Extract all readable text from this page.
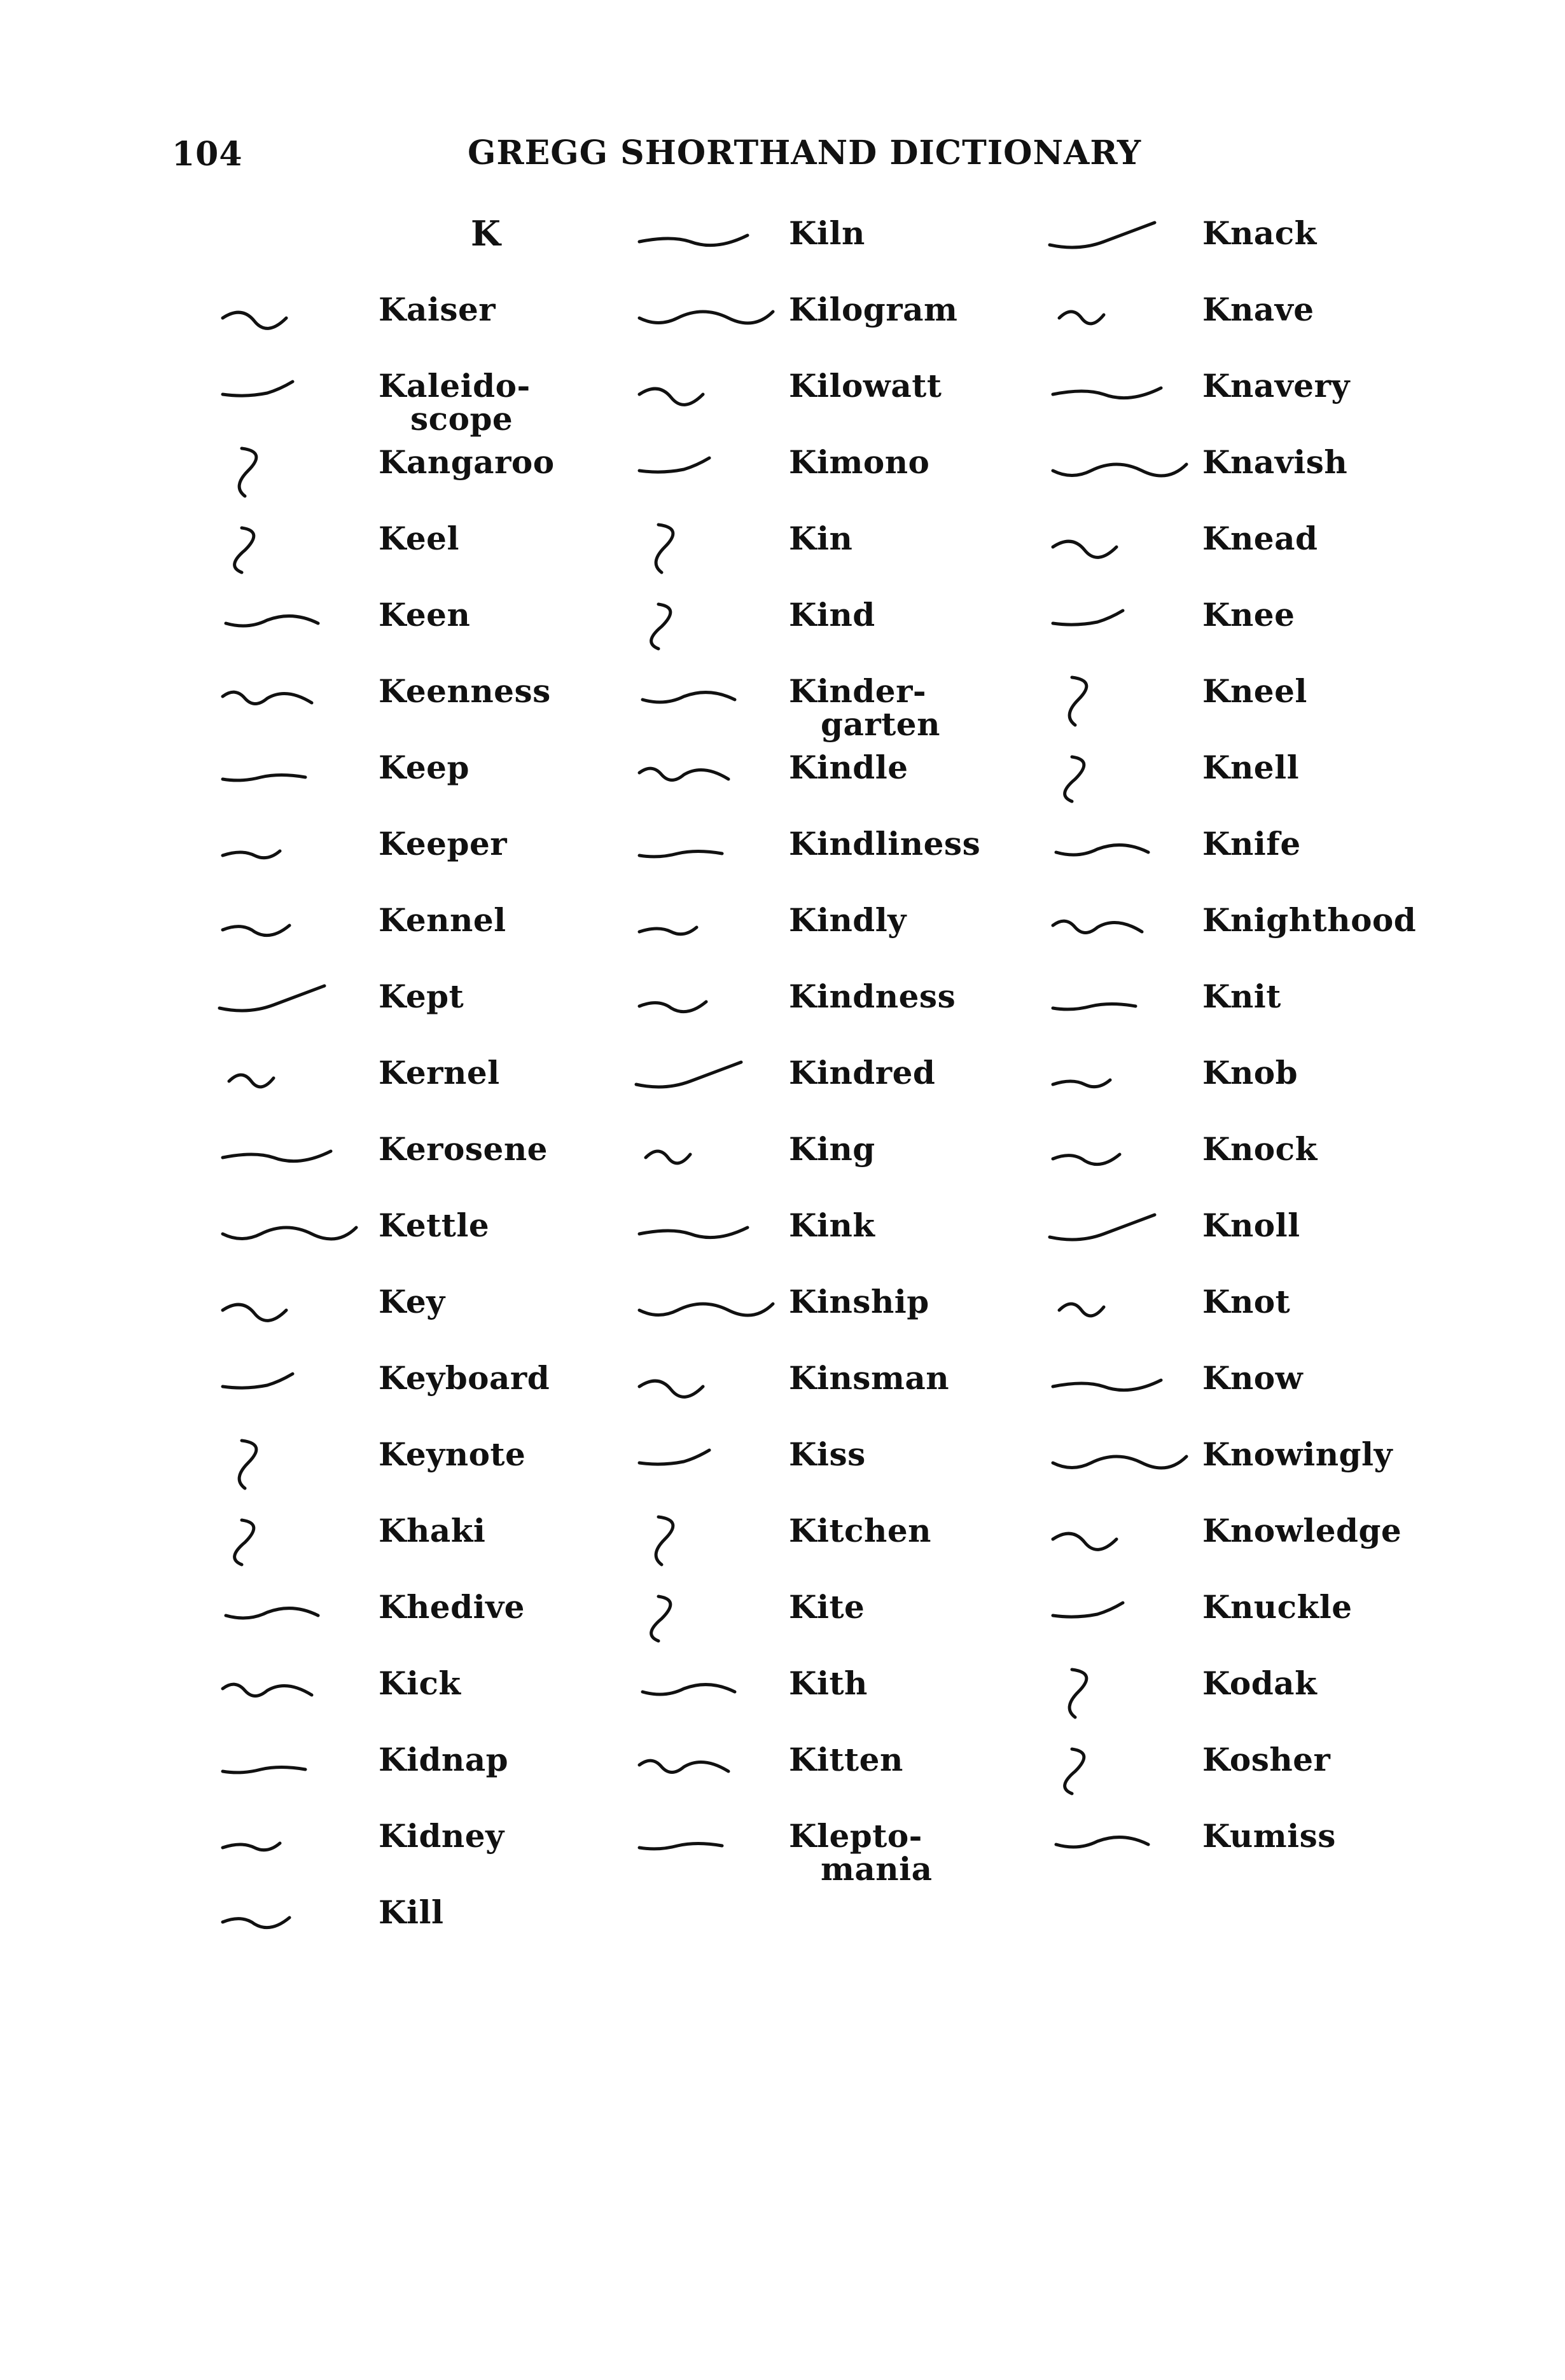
104	GREGG SHORTHAND DICTIONARY
K
Kaiser
Kaleido-
scope
Kangaroo
Keel
Keen
Keenness
Keep
Keeper
Kennel
Kept
Kernel
Kerosene
Kettle
Key
Keyboard
Keynote
Khaki
Khedive
Kick
Kidnap
Kidney
Kill
Kiln
Kilogram
Kilowatt
Kimono
Kin
Kind
Kinder-
garten
Kindle
Kindliness
Kindly
Kindness
Kindred
King
Kink
Kinship
Kinsman
Kiss
Kitchen
Kite
Kith
Kitten
Klepto-
mania
Knack
Knave
Knavery
Knavish
Knead
Knee
Kneel
Knell
Knife
Knighthood
Knit
Knob
Knock
Knoll
Knot
Know
Knowingly
Knowledge
Knuckle
Kodak
Kosher
Kumiss
